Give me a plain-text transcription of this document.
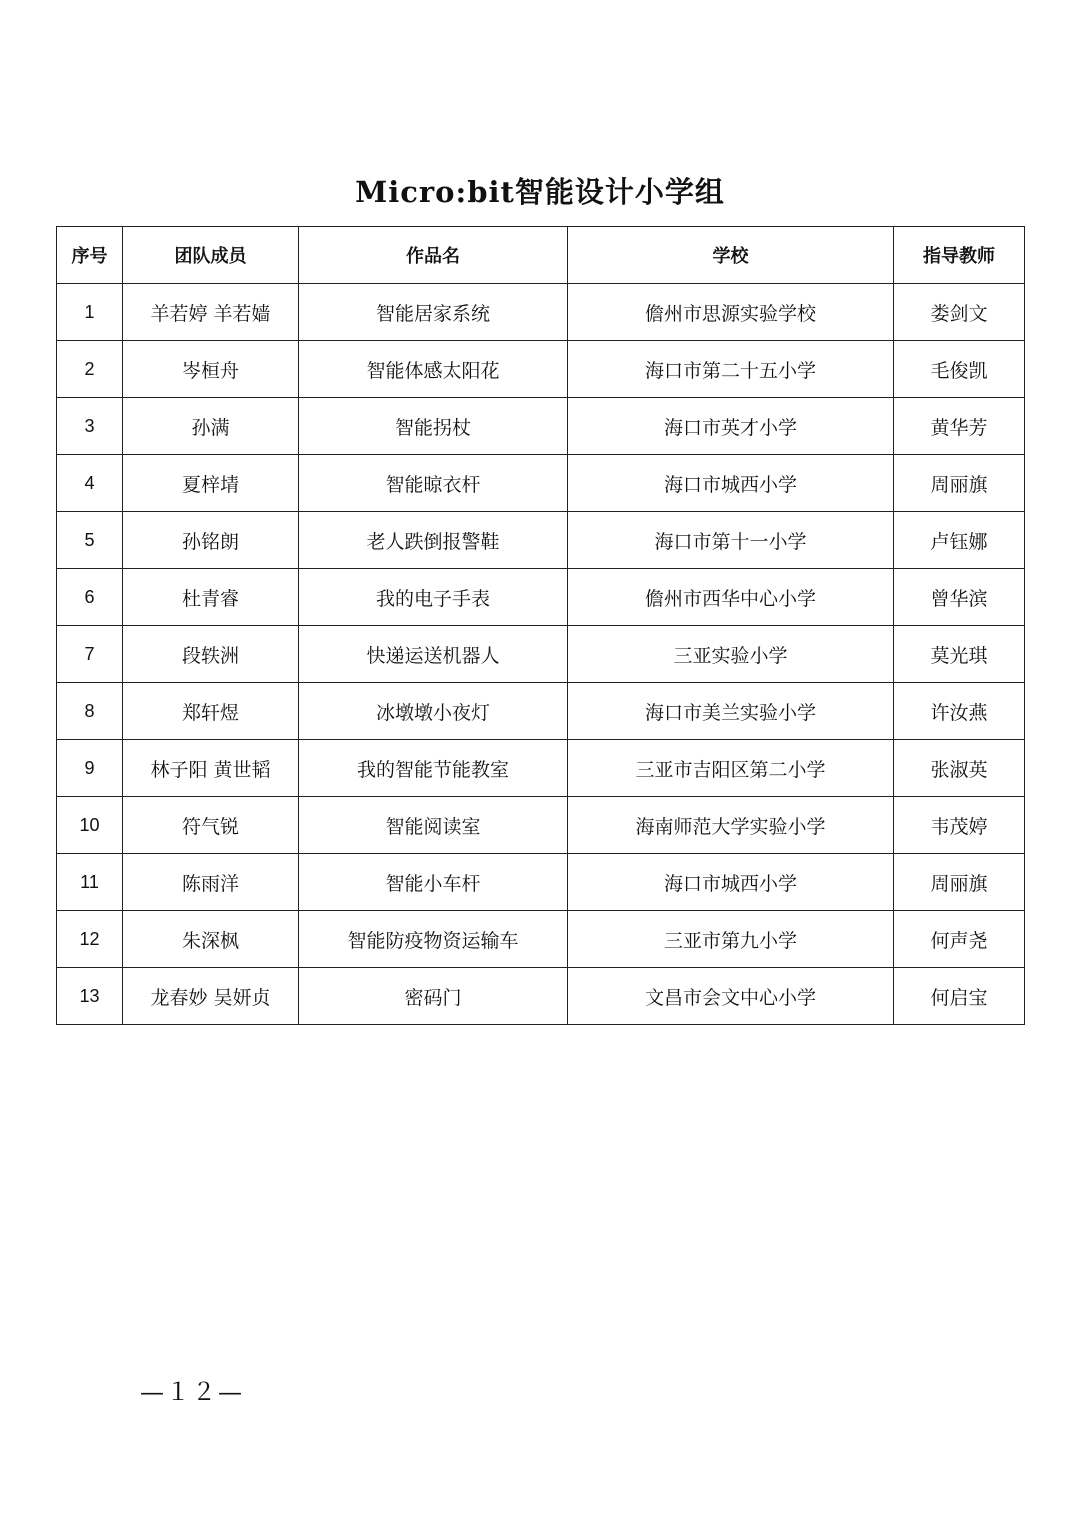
Micro:bit智能设计小学组
序号	团队成员	作品名	学校	指导教师
1	羊若婷 羊若嫱	智能居家系统	儋州市思源实验学校	娄剑文
2	岑桓舟	智能体感太阳花	海口市第二十五小学	毛俊凯
3	孙满	智能拐杖	海口市英才小学	黄华芳
4	夏梓埥	智能晾衣杆	海口市城西小学	周丽旗
5	孙铭朗	老人跌倒报警鞋	海口市第十一小学	卢钰娜
6	杜青睿	我的电子手表	儋州市西华中心小学	曾华滨
7	段轶洲	快递运送机器人	三亚实验小学	莫光琪
8	郑轩煜	冰墩墩小夜灯	海口市美兰实验小学	许汝燕
9	林子阳 黄世韬	我的智能节能教室	三亚市吉阳区第二小学	张淑英
10	符气锐	智能阅读室	海南师范大学实验小学	韦茂婷
11	陈雨洋	智能小车杆	海口市城西小学	周丽旗
12	朱深枫	智能防疫物资运输车	三亚市第九小学	何声尧
13	龙春妙 吴妍贞	密码门	文昌市会文中心小学	何启宝
—１２—
